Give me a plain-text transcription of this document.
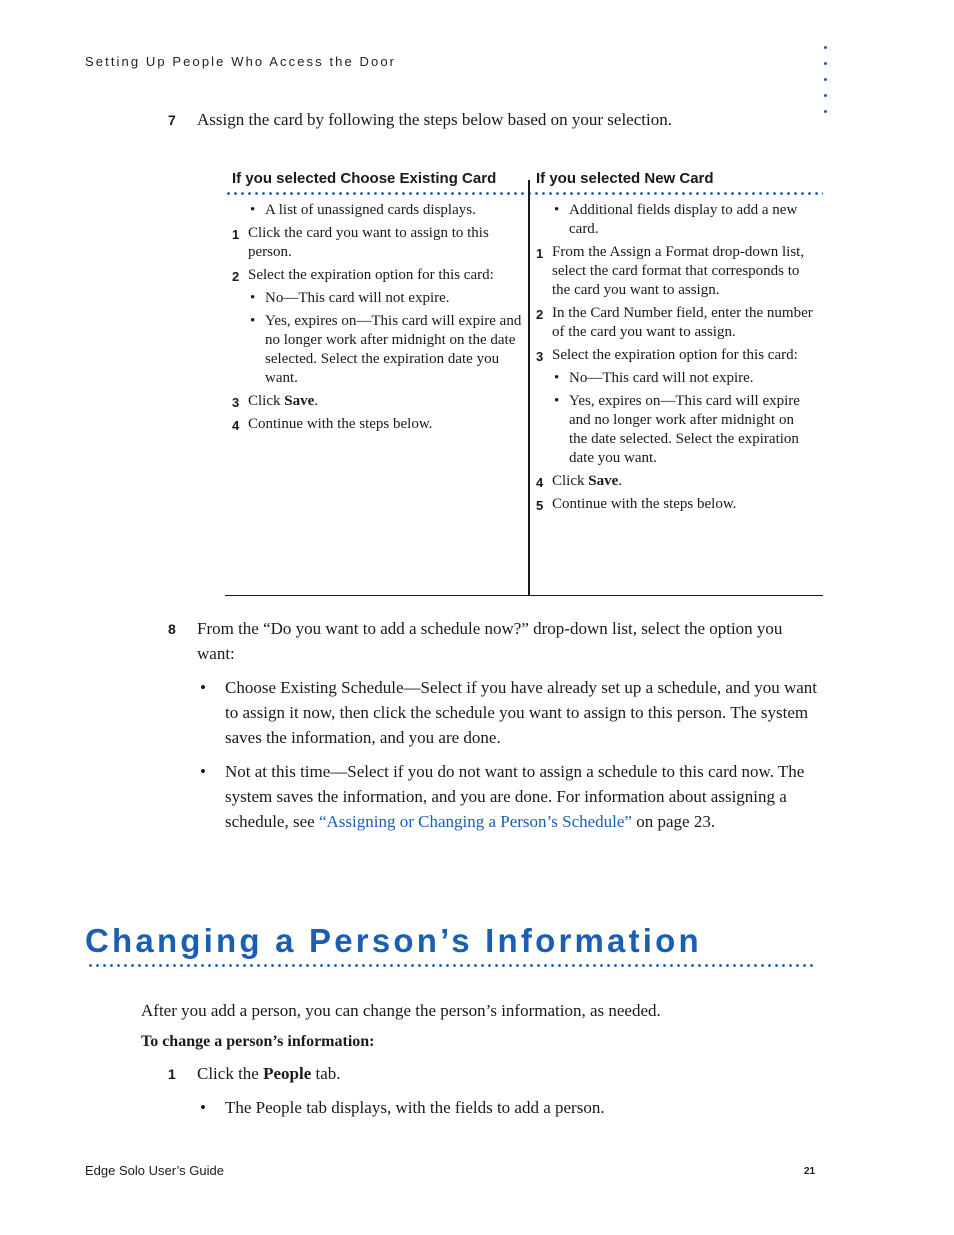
Setting Up People Who Access the Door
7 Assign the card by following the steps below based on your selection.
If you selected Choose Existing Card	If you selected New Card
• A list of unassigned cards displays.
1 Click the card you want to assign to this person.
2 Select the expiration option for this card:
• No—This card will not expire.
• Yes, expires on—This card will expire and no longer work after midnight on the date selected. Select the expiration date you want.
3 Click Save.
4 Continue with the steps below.
• Additional fields display to add a new card.
1 From the Assign a Format drop-down list, select the card format that corresponds to the card you want to assign.
2 In the Card Number field, enter the number of the card you want to assign.
3 Select the expiration option for this card:
• No—This card will not expire.
• Yes, expires on—This card will expire and no longer work after midnight on the date selected. Select the expiration date you want.
4 Click Save.
5 Continue with the steps below.
8 From the “Do you want to add a schedule now?” drop-down list, select the option you want:
• Choose Existing Schedule—Select if you have already set up a schedule, and you want to assign it now, then click the schedule you want to assign to this person. The system saves the information, and you are done.
• Not at this time—Select if you do not want to assign a schedule to this card now. The system saves the information, and you are done. For information about assigning a schedule, see “Assigning or Changing a Person’s Schedule” on page 23.
Changing a Person’s Information
After you add a person, you can change the person’s information, as needed.
To change a person’s information:
1 Click the People tab.
• The People tab displays, with the fields to add a person.
Edge Solo User’s Guide	21
